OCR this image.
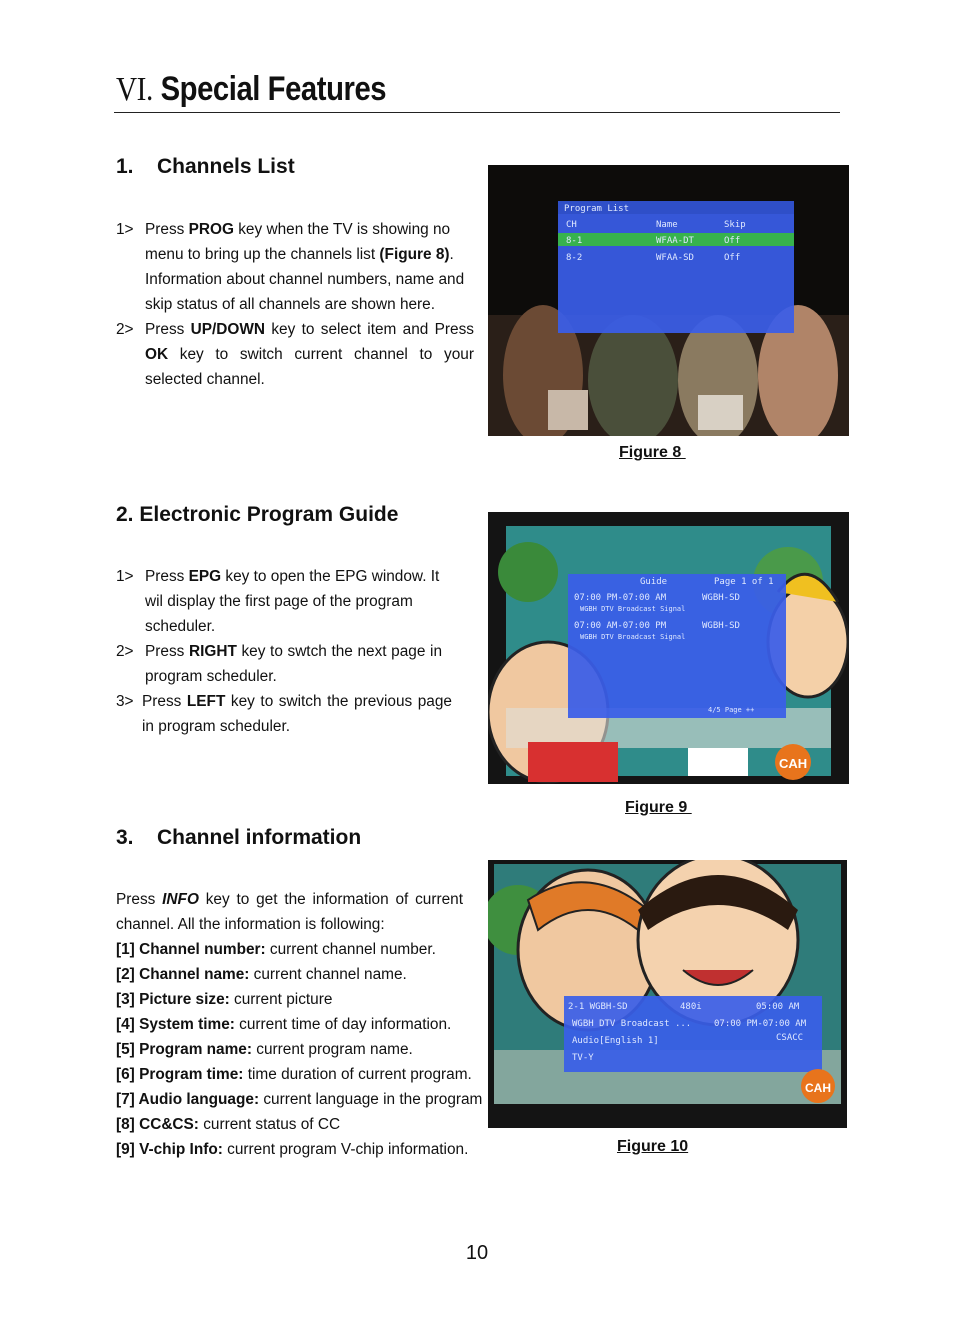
VI. Special Features
1. Channels List
1> Press PROG key when the TV is showing no menu to bring up the channels list (Figure 8). Information about channel numbers, name and skip status of all channels are shown here.
2> Press UP/DOWN key to select item and Press OK key to switch current channel to your selected channel.
Program List
CH	Name	Skip
8-1	WFAA-DT	Off
8-2	WFAA-SD	Off
Figure 8
2. Electronic Program Guide
1> Press EPG key to open the EPG window. It wil display the first page of the program scheduler.
2> Press RIGHT key to swtch the next page in program scheduler.
3> Press LEFT key to switch the previous page in program scheduler.
Guide	Page 1 of 1
07:00 PM-07:00 AM	WGBH-SD
WGBH DTV Broadcast Signal
07:00 AM-07:00 PM	WGBH-SD
WGBH DTV Broadcast Signal
4/5 Page ++
CAH
Figure 9
3. Channel information
Press INFO key to get the information of current channel. All the information is following:
[1] Channel number: current channel number.
[2] Channel name: current channel name.
[3] Picture size: current picture
[4] System time: current time of day information.
[5] Program name: current program name.
[6] Program time: time duration of current program.
[7] Audio language: current language in the program
[8] CC&CS: current status of CC
[9] V-chip Info: current program V-chip information.
2-1 WGBH-SD	480i	05:00 AM
WGBH DTV Broadcast ...	07:00 PM-07:00 AM
Audio[English 1]	CSACC
TV-Y
CAH
Figure 10
10
